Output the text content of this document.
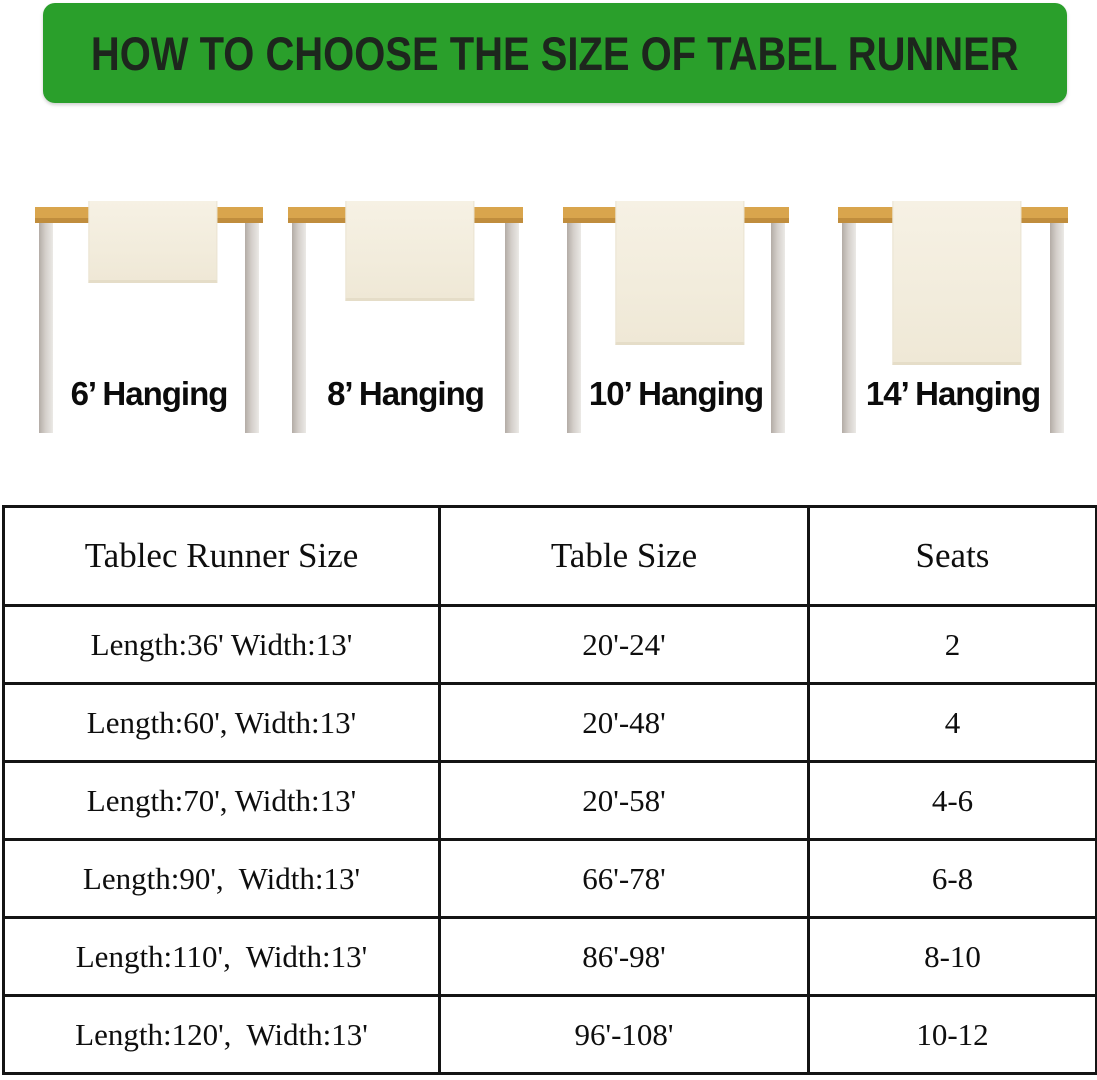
HOW TO CHOOSE THE SIZE OF TABEL RUNNER
6’ Hanging	8’ Hanging	10’ Hanging	14’ Hanging
Tablec Runner Size	Table Size	Seats
Length:36' Width:13'	20'-24'	2
Length:60', Width:13'	20'-48'	4
Length:70', Width:13'	20'-58'	4-6
Length:90',  Width:13'	66'-78'	6-8
Length:110',  Width:13'	86'-98'	8-10
Length:120',  Width:13'	96'-108'	10-12
